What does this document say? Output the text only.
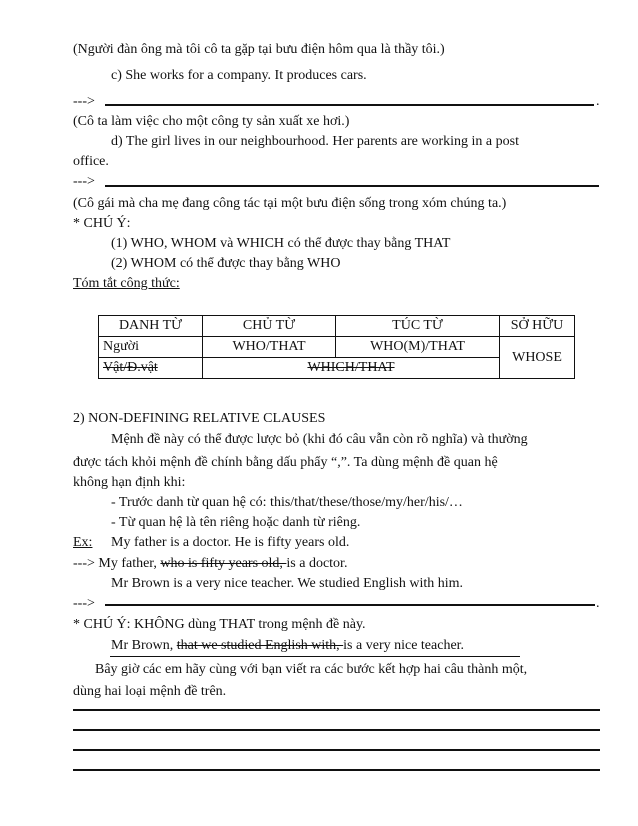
(Người đàn ông mà tôi cô ta gặp tại bưu điện hôm qua là thầy tôi.)
c) She works for a company. It produces cars.
--->	.
(Cô ta làm việc cho một công ty sản xuất xe hơi.)
d) The girl lives in our neighbourhood. Her parents are working in a post
office.
--->
(Cô gái mà cha mẹ đang công tác tại một bưu điện sống trong xóm chúng ta.)
* CHÚ Ý:
(1) WHO, WHOM và WHICH có thể được thay bằng THAT
(2) WHOM có thể được thay bằng WHO
Tóm tắt công thức:
DANH TỪ	CHỦ TỪ	TÚC TỪ	SỞ HỮU
Người	WHO/THAT	WHO(M)/THAT	WHOSE
Vật/Đ.vật	WHICH/THAT		
2) NON-DEFINING RELATIVE CLAUSES
Mệnh đề này có thể được lược bỏ (khi đó câu vẫn còn rõ nghĩa) và thường
được tách khỏi mệnh đề chính bằng dấu phẩy “,”. Ta dùng mệnh đề quan hệ
không hạn định khi:
- Trước danh từ quan hệ có: this/that/these/those/my/her/his/…
- Từ quan hệ là tên riêng hoặc danh từ riêng.
Ex: My father is a doctor. He is fifty years old.
---> My father, who is fifty years old, is a doctor.
Mr Brown is a very nice teacher. We studied English with him.
--->	.
* CHÚ Ý: KHÔNG dùng THAT trong mệnh đề này.
Mr Brown, that we studied English with, is a very nice teacher.
Bây giờ các em hãy cùng với bạn viết ra các bước kết hợp hai câu thành một,
dùng hai loại mệnh đề trên.
